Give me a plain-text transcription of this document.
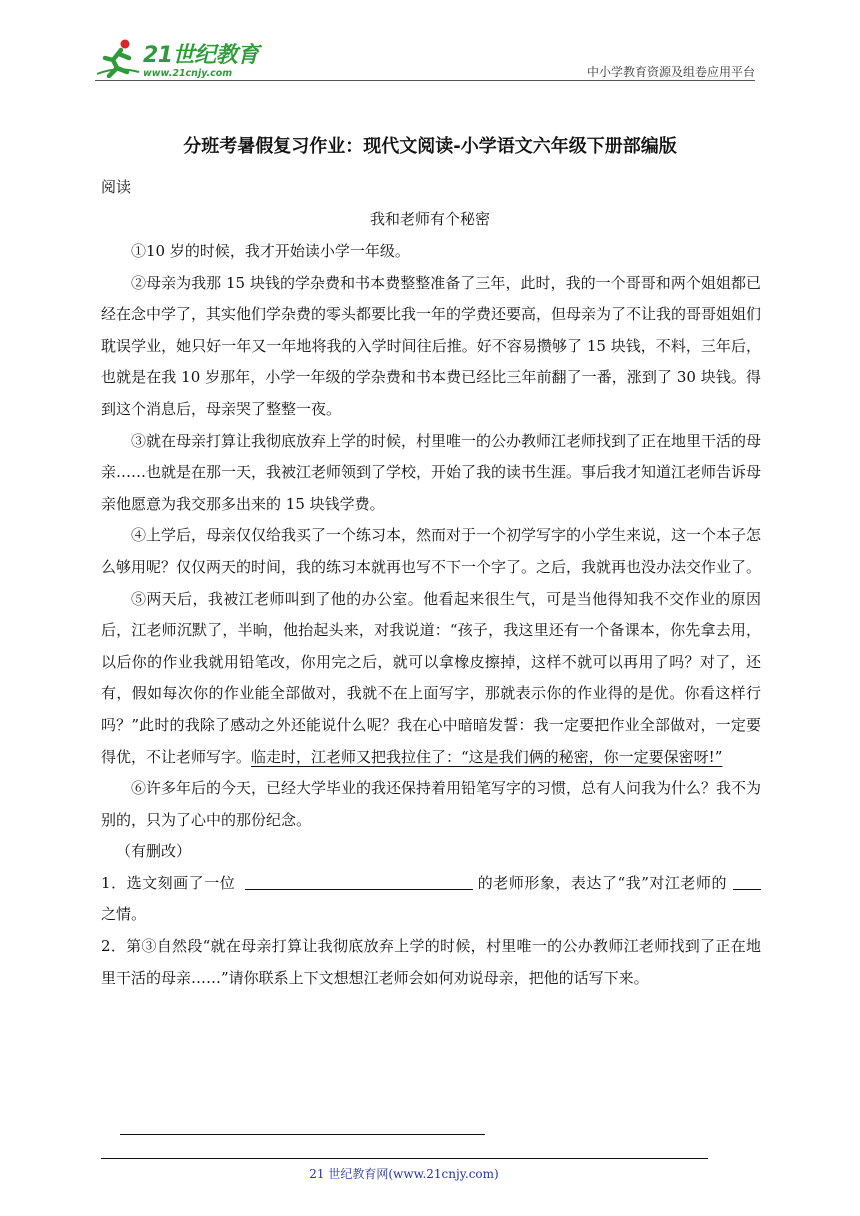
21世纪教育
www.21cnjy.com	中小学教育资源及组卷应用平台
分班考暑假复习作业：现代文阅读-小学语文六年级下册部编版
阅读
我和老师有个秘密

①10 岁的时候，我才开始读小学一年级。

②母亲为我那 15 块钱的学杂费和书本费整整准备了三年，此时，我的一个哥哥和两个姐姐都已经在念中学了，其实他们学杂费的零头都要比我一年的学费还要高，但母亲为了不让我的哥哥姐姐们耽误学业，她只好一年又一年地将我的入学时间往后推。好不容易攒够了 15 块钱，不料，三年后，也就是在我 10 岁那年，小学一年级的学杂费和书本费已经比三年前翻了一番，涨到了 30 块钱。得到这个消息后，母亲哭了整整一夜。

③就在母亲打算让我彻底放弃上学的时候，村里唯一的公办教师江老师找到了正在地里干活的母亲……也就是在那一天，我被江老师领到了学校，开始了我的读书生涯。事后我才知道江老师告诉母亲他愿意为我交那多出来的 15 块钱学费。

④上学后，母亲仅仅给我买了一个练习本，然而对于一个初学写字的小学生来说，这一个本子怎么够用呢？仅仅两天的时间，我的练习本就再也写不下一个字了。之后，我就再也没办法交作业了。

⑤两天后，我被江老师叫到了他的办公室。他看起来很生气，可是当他得知我不交作业的原因后，江老师沉默了，半晌，他抬起头来，对我说道：“孩子，我这里还有一个备课本，你先拿去用，以后你的作业我就用铅笔改，你用完之后，就可以拿橡皮擦掉，这样不就可以再用了吗？对了，还有，假如每次你的作业能全部做对，我就不在上面写字，那就表示你的作业得的是优。你看这样行吗？”此时的我除了感动之外还能说什么呢？我在心中暗暗发誓：我一定要把作业全部做对，一定要得优，不让老师写字。临走时，江老师又把我拉住了：“这是我们俩的秘密，你一定要保密呀!”

⑥许多年后的今天，已经大学毕业的我还保持着用铅笔写字的习惯，总有人问我为什么？我不为别的，只为了心中的那份纪念。

（有删改）

1．选文刻画了一位	的老师形象，表达了“我”对江老师的之情。

2．第③自然段“就在母亲打算让我彻底放弃上学的时候，村里唯一的公办教师江老师找到了正在地里干活的母亲……”请你联系上下文想想江老师会如何劝说母亲，把他的话写下来。

21 世纪教育网(www.21cnjy.com)
